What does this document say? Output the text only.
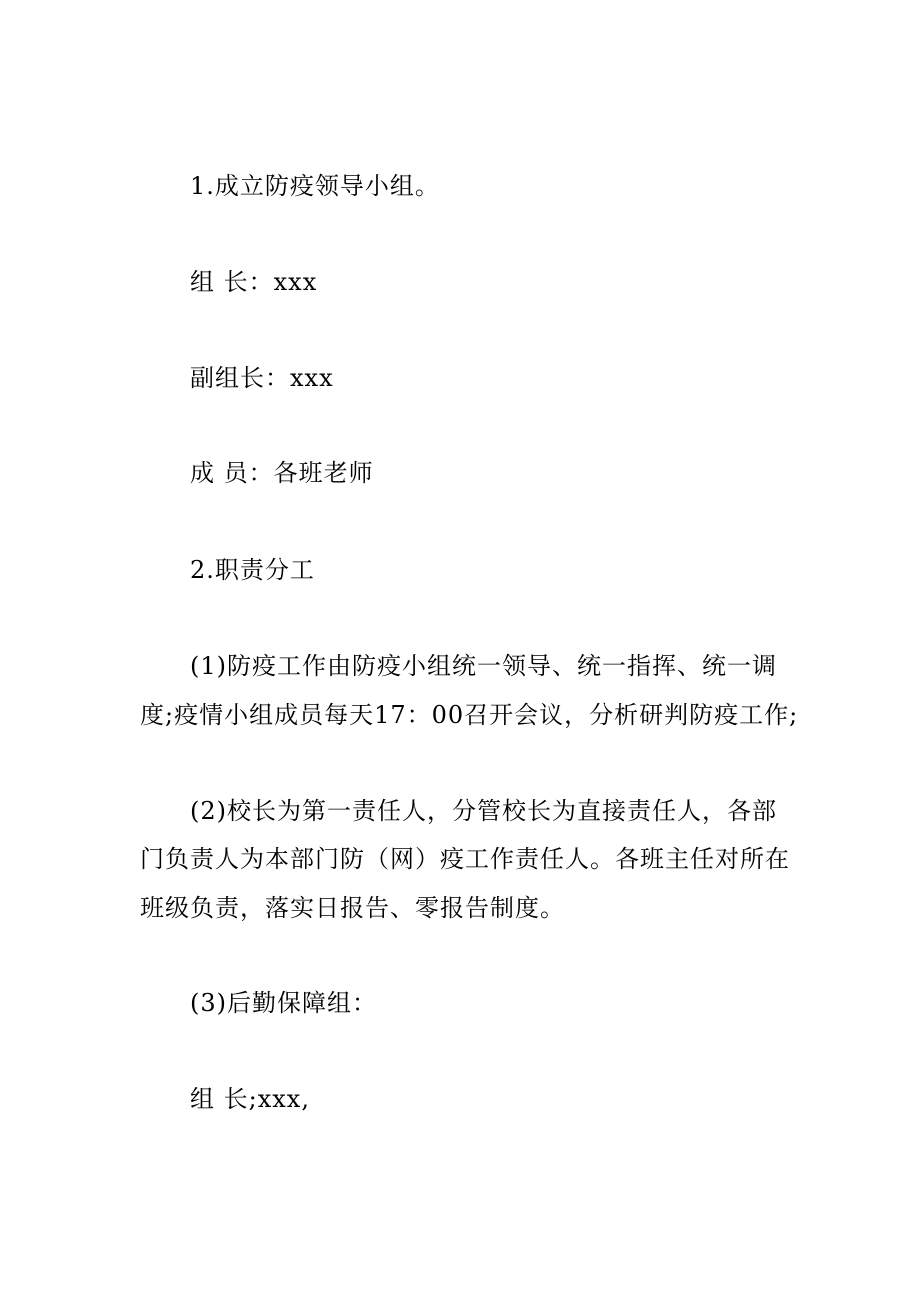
1.成立防疫领导小组。
组 长：xxx
副组长：xxx
成 员：各班老师
2.职责分工
(1)防疫工作由防疫小组统一领导、统一指挥、统一调
度;疫情小组成员每天17：00召开会议，分析研判防疫工作;
(2)校长为第一责任人，分管校长为直接责任人，各部
门负责人为本部门防（网）疫工作责任人。各班主任对所在
班级负责，落实日报告、零报告制度。
(3)后勤保障组：
组 长;xxx,
